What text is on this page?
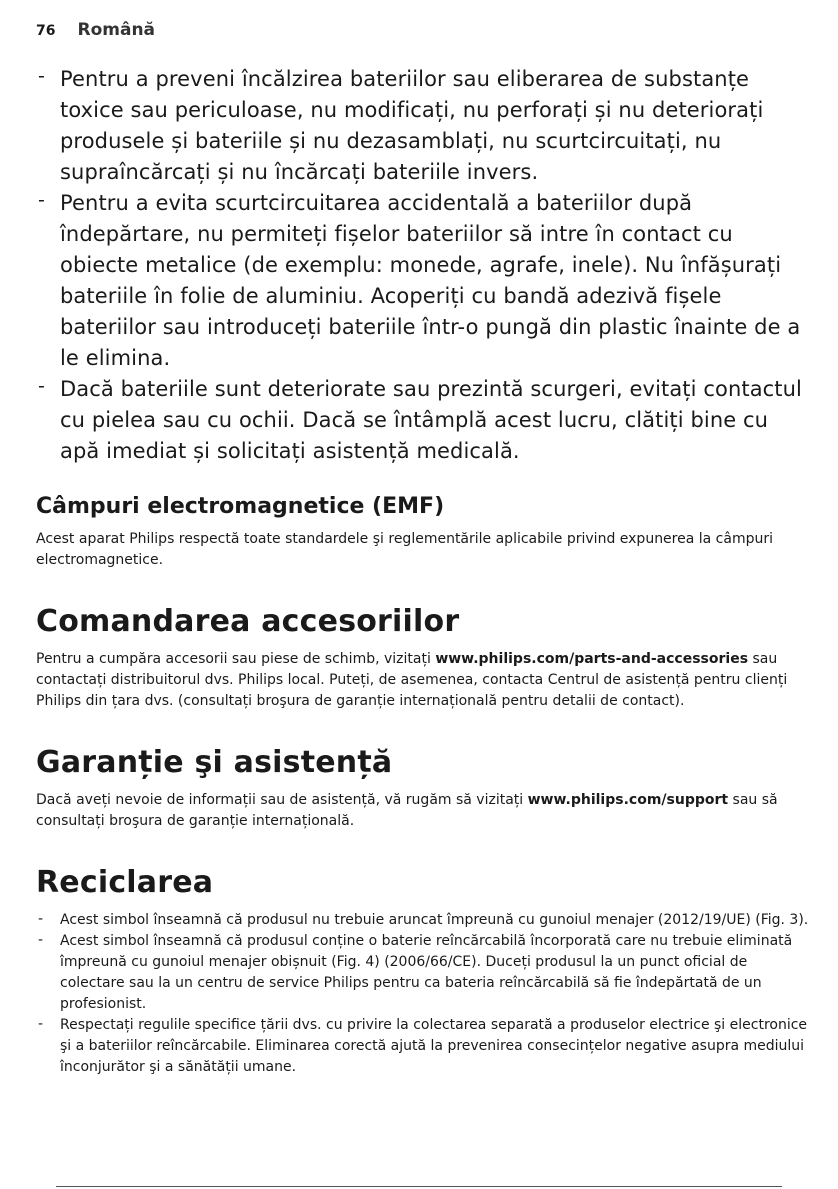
76 Română
- Pentru a preveni încălzirea bateriilor sau eliberarea de substanțe toxice sau periculoase, nu modificați, nu perforați și nu deteriorați produsele și bateriile și nu dezasamblați, nu scurtcircuitați, nu supraîncărcați și nu încărcați bateriile invers.
- Pentru a evita scurtcircuitarea accidentală a bateriilor după îndepărtare, nu permiteți fișelor bateriilor să intre în contact cu obiecte metalice (de exemplu: monede, agrafe, inele). Nu înfășurați bateriile în folie de aluminiu. Acoperiți cu bandă adezivă fișele bateriilor sau introduceți bateriile într-o pungă din plastic înainte de a le elimina.
- Dacă bateriile sunt deteriorate sau prezintă scurgeri, evitați contactul cu pielea sau cu ochii. Dacă se întâmplă acest lucru, clătiți bine cu apă imediat și solicitați asistență medicală.
Câmpuri electromagnetice (EMF)

Acest aparat Philips respectă toate standardele şi reglementările aplicabile privind expunerea la câmpuri electromagnetice.

Comandarea accesoriilor

Pentru a cumpăra accesorii sau piese de schimb, vizitați www.philips.com/parts-and-accessories sau contactați distribuitorul dvs. Philips local. Puteți, de asemenea, contacta Centrul de asistență pentru clienți Philips din țara dvs. (consultați broşura de garanție internațională pentru detalii de contact).

Garanție şi asistență

Dacă aveți nevoie de informații sau de asistență, vă rugăm să vizitați www.philips.com/support sau să consultați broşura de garanție internațională.

Reciclarea
- Acest simbol înseamnă că produsul nu trebuie aruncat împreună cu gunoiul menajer (2012/19/UE) (Fig. 3).
- Acest simbol înseamnă că produsul conține o baterie reîncărcabilă încorporată care nu trebuie eliminată împreună cu gunoiul menajer obișnuit (Fig. 4) (2006/66/CE). Duceți produsul la un punct oficial de colectare sau la un centru de service Philips pentru ca bateria reîncărcabilă să fie îndepărtată de un profesionist.
- Respectați regulile specifice țării dvs. cu privire la colectarea separată a produselor electrice şi electronice şi a bateriilor reîncărcabile. Eliminarea corectă ajută la prevenirea consecințelor negative asupra mediului înconjurător şi a sănătății umane.
